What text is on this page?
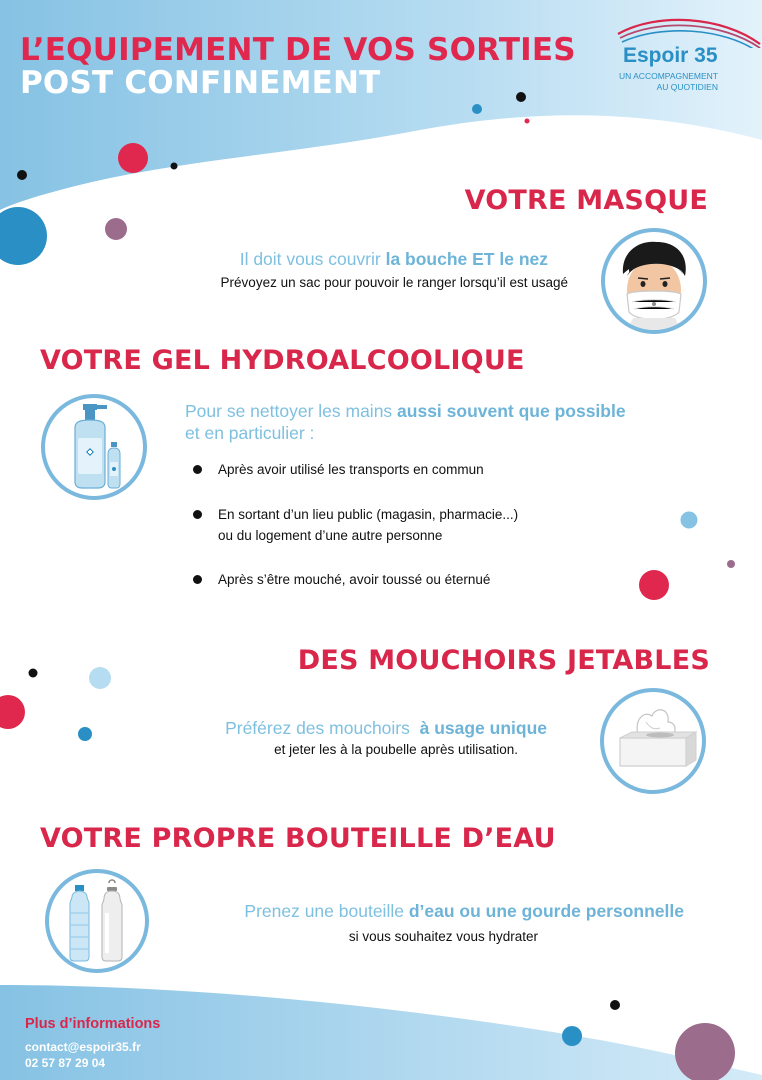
L’EQUIPEMENT DE VOS SORTIES
POST CONFINEMENT
Espoir 35
UN ACCOMPAGNEMENT
AU QUOTIDIEN
VOTRE MASQUE
Il doit vous couvrir la bouche ET le nez
Prévoyez un sac pour pouvoir le ranger lorsqu’il est usagé
VOTRE GEL HYDROALCOOLIQUE
Pour se nettoyer les mains aussi souvent que possible
et en particulier :
Après avoir utilisé les transports en commun
En sortant d’un lieu public (magasin, pharmacie...)
ou du logement d’une autre personne
Après s’être mouché, avoir toussé ou éternué
DES MOUCHOIRS JETABLES
Préférez des mouchoirs  à usage unique
et jeter les à la poubelle après utilisation.
VOTRE PROPRE BOUTEILLE D’EAU
Prenez une bouteille d’eau ou une gourde personnelle
si vous souhaitez vous hydrater
Plus d’informations
contact@espoir35.fr
02 57 87 29 04
